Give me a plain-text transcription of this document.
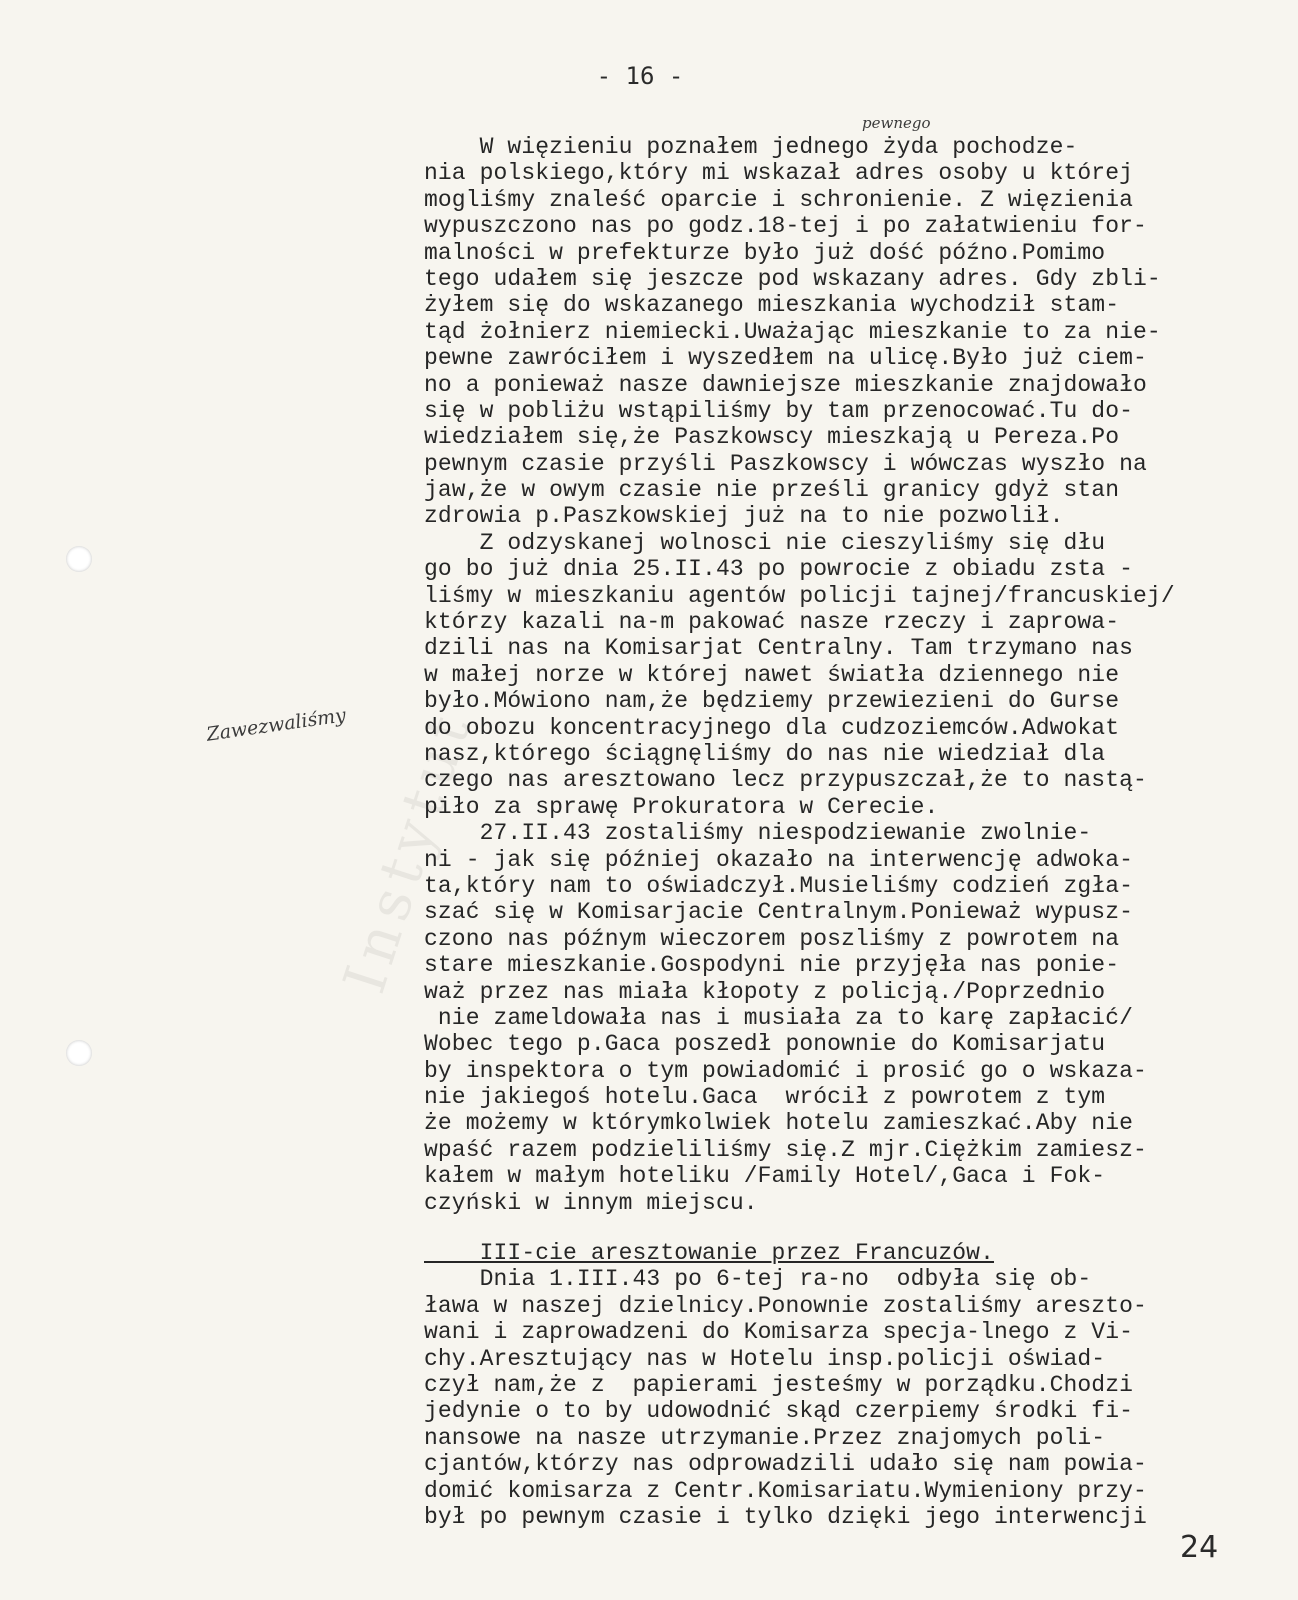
Instytut
- 16 -
pewnego
Zawezwaliśmy
W więzieniu poznałem jednego żyda pochodze-
nia polskiego,który mi wskazał adres osoby u której
mogliśmy znaleść oparcie i schronienie. Z więzienia
wypuszczono nas po godz.18-tej i po załatwieniu for-
malności w prefekturze było już dość późno.Pomimo
tego udałem się jeszcze pod wskazany adres. Gdy zbli-
żyłem się do wskazanego mieszkania wychodził stam-
tąd żołnierz niemiecki.Uważając mieszkanie to za nie-
pewne zawróciłem i wyszedłem na ulicę.Było już ciem-
no a ponieważ nasze dawniejsze mieszkanie znajdowało
się w pobliżu wstąpiliśmy by tam przenocować.Tu do-
wiedziałem się,że Paszkowscy mieszkają u Pereza.Po
pewnym czasie przyśli Paszkowscy i wówczas wyszło na
jaw,że w owym czasie nie prześli granicy gdyż stan
zdrowia p.Paszkowskiej już na to nie pozwolił.
Z odzyskanej wolnosci nie cieszyliśmy się dłu
go bo już dnia 25.II.43 po powrocie z obiadu zsta -
liśmy w mieszkaniu agentów policji tajnej/francuskiej/
którzy kazali na-m pakować nasze rzeczy i zaprowa-
dzili nas na Komisarjat Centralny. Tam trzymano nas
w małej norze w której nawet światła dziennego nie
było.Mówiono nam,że będziemy przewiezieni do Gurse
do obozu koncentracyjnego dla cudzoziemców.Adwokat
nasz,którego ściągnęliśmy do nas nie wiedział dla
czego nas aresztowano lecz przypuszczał,że to nastą-
piło za sprawę Prokuratora w Cerecie.
27.II.43 zostaliśmy niespodziewanie zwolnie-
ni - jak się później okazało na interwencję adwoka-
ta,który nam to oświadczył.Musieliśmy codzień zgła-
szać się w Komisarjacie Centralnym.Ponieważ wypusz-
czono nas późnym wieczorem poszliśmy z powrotem na
stare mieszkanie.Gospodyni nie przyjęła nas ponie-
waż przez nas miała kłopoty z policją./Poprzednio
nie zameldowała nas i musiała za to karę zapłacić/
Wobec tego p.Gaca poszedł ponownie do Komisarjatu
by inspektora o tym powiadomić i prosić go o wskaza-
nie jakiegoś hotelu.Gaca  wrócił z powrotem z tym
że możemy w którymkolwiek hotelu zamieszkać.Aby nie
wpaść razem podzieliliśmy się.Z mjr.Ciężkim zamiesz-
kałem w małym hoteliku /Family Hotel/,Gaca i Fok-
czyński w innym miejscu.
III-cie aresztowanie przez Francuzów.
Dnia 1.III.43 po 6-tej ra-no  odbyła się ob-
ława w naszej dzielnicy.Ponownie zostaliśmy areszto-
wani i zaprowadzeni do Komisarza specja-lnego z Vi-
chy.Aresztujący nas w Hotelu insp.policji oświad-
czył nam,że z  papierami jesteśmy w porządku.Chodzi
jedynie o to by udowodnić skąd czerpiemy środki fi-
nansowe na nasze utrzymanie.Przez znajomych poli-
cjantów,którzy nas odprowadzili udało się nam powia-
domić komisarza z Centr.Komisariatu.Wymieniony przy-
był po pewnym czasie i tylko dzięki jego interwencji
24
